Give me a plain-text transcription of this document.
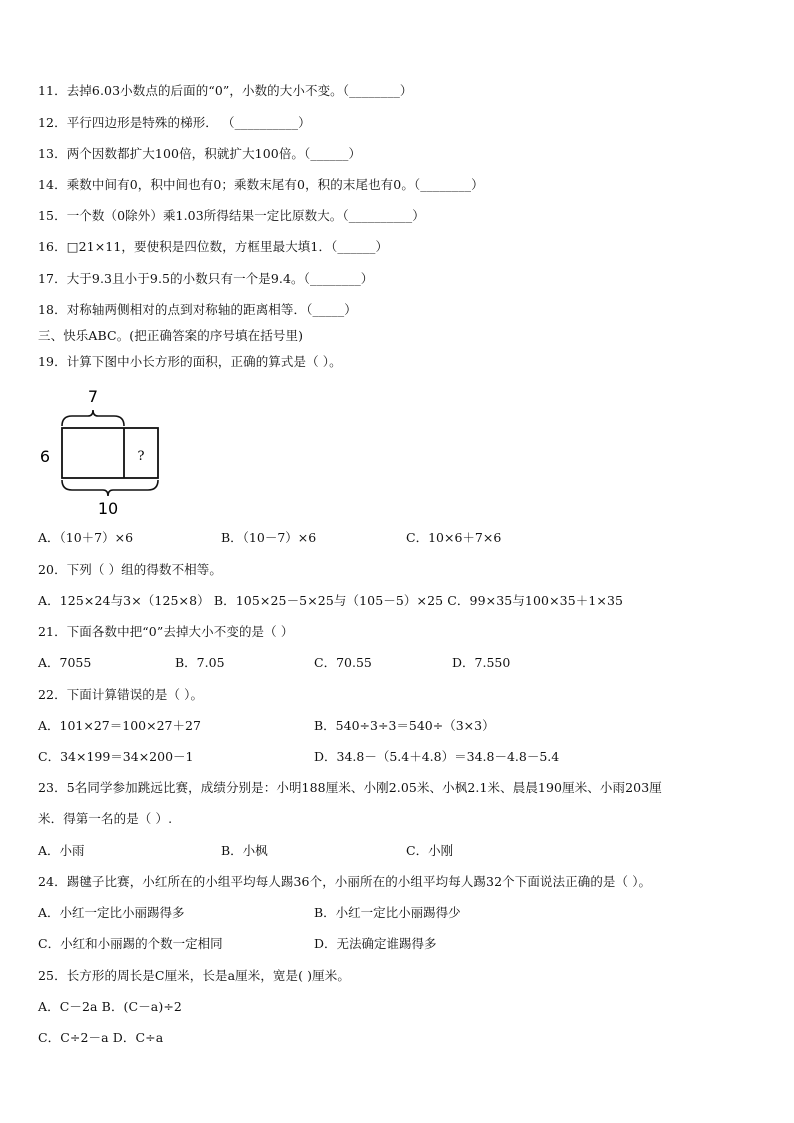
11．去掉6.03小数点的后面的“0”，小数的大小不变。（________）
12．平行四边形是特殊的梯形． （__________）
13．两个因数都扩大100倍，积就扩大100倍。（______）
14．乘数中间有0，积中间也有0；乘数末尾有0，积的末尾也有0。（________）
15．一个数（0除外）乘1.03所得结果一定比原数大。（__________）
16．□21×11，要使积是四位数，方框里最大填1．（______）
17．大于9.3且小于9.5的小数只有一个是9.4。（________）
18．对称轴两侧相对的点到对称轴的距离相等．（_____）
三、快乐ABC。(把正确答案的序号填在括号里)
19．计算下图中小长方形的面积，正确的算式是（ ）。
7
6	?
10
A．（10＋7）×6	B．（10－7）×6	C．10×6＋7×6
20．下列（ ）组的得数不相等。
A．125×24与3×（125×8） B．105×25－5×25与（105－5）×25 C．99×35与100×35＋1×35
21．下面各数中把“0”去掉大小不变的是（ ）
A．7055	B．7.05	C．70.55	D．7.550
22．下面计算错误的是（ ）。
A．101×27＝100×27＋27	B．540÷3÷3＝540÷（3×3）
C．34×199＝34×200－1	D．34.8－（5.4＋4.8）＝34.8－4.8－5.4
23．5名同学参加跳远比赛，成绩分别是：小明188厘米、小刚2.05米、小枫2.1米、晨晨190厘米、小雨203厘
米．得第一名的是（ ）.
A．小雨	B．小枫	C．小刚
24．踢毽子比赛，小红所在的小组平均每人踢36个，小丽所在的小组平均每人踢32个下面说法正确的是（ ）。
A．小红一定比小丽踢得多	B．小红一定比小丽踢得少
C．小红和小丽踢的个数一定相同	D．无法确定谁踢得多
25．长方形的周长是C厘米，长是a厘米，宽是( )厘米。
A．C－2a B．(C－a)÷2
C．C÷2－a D．C÷a
